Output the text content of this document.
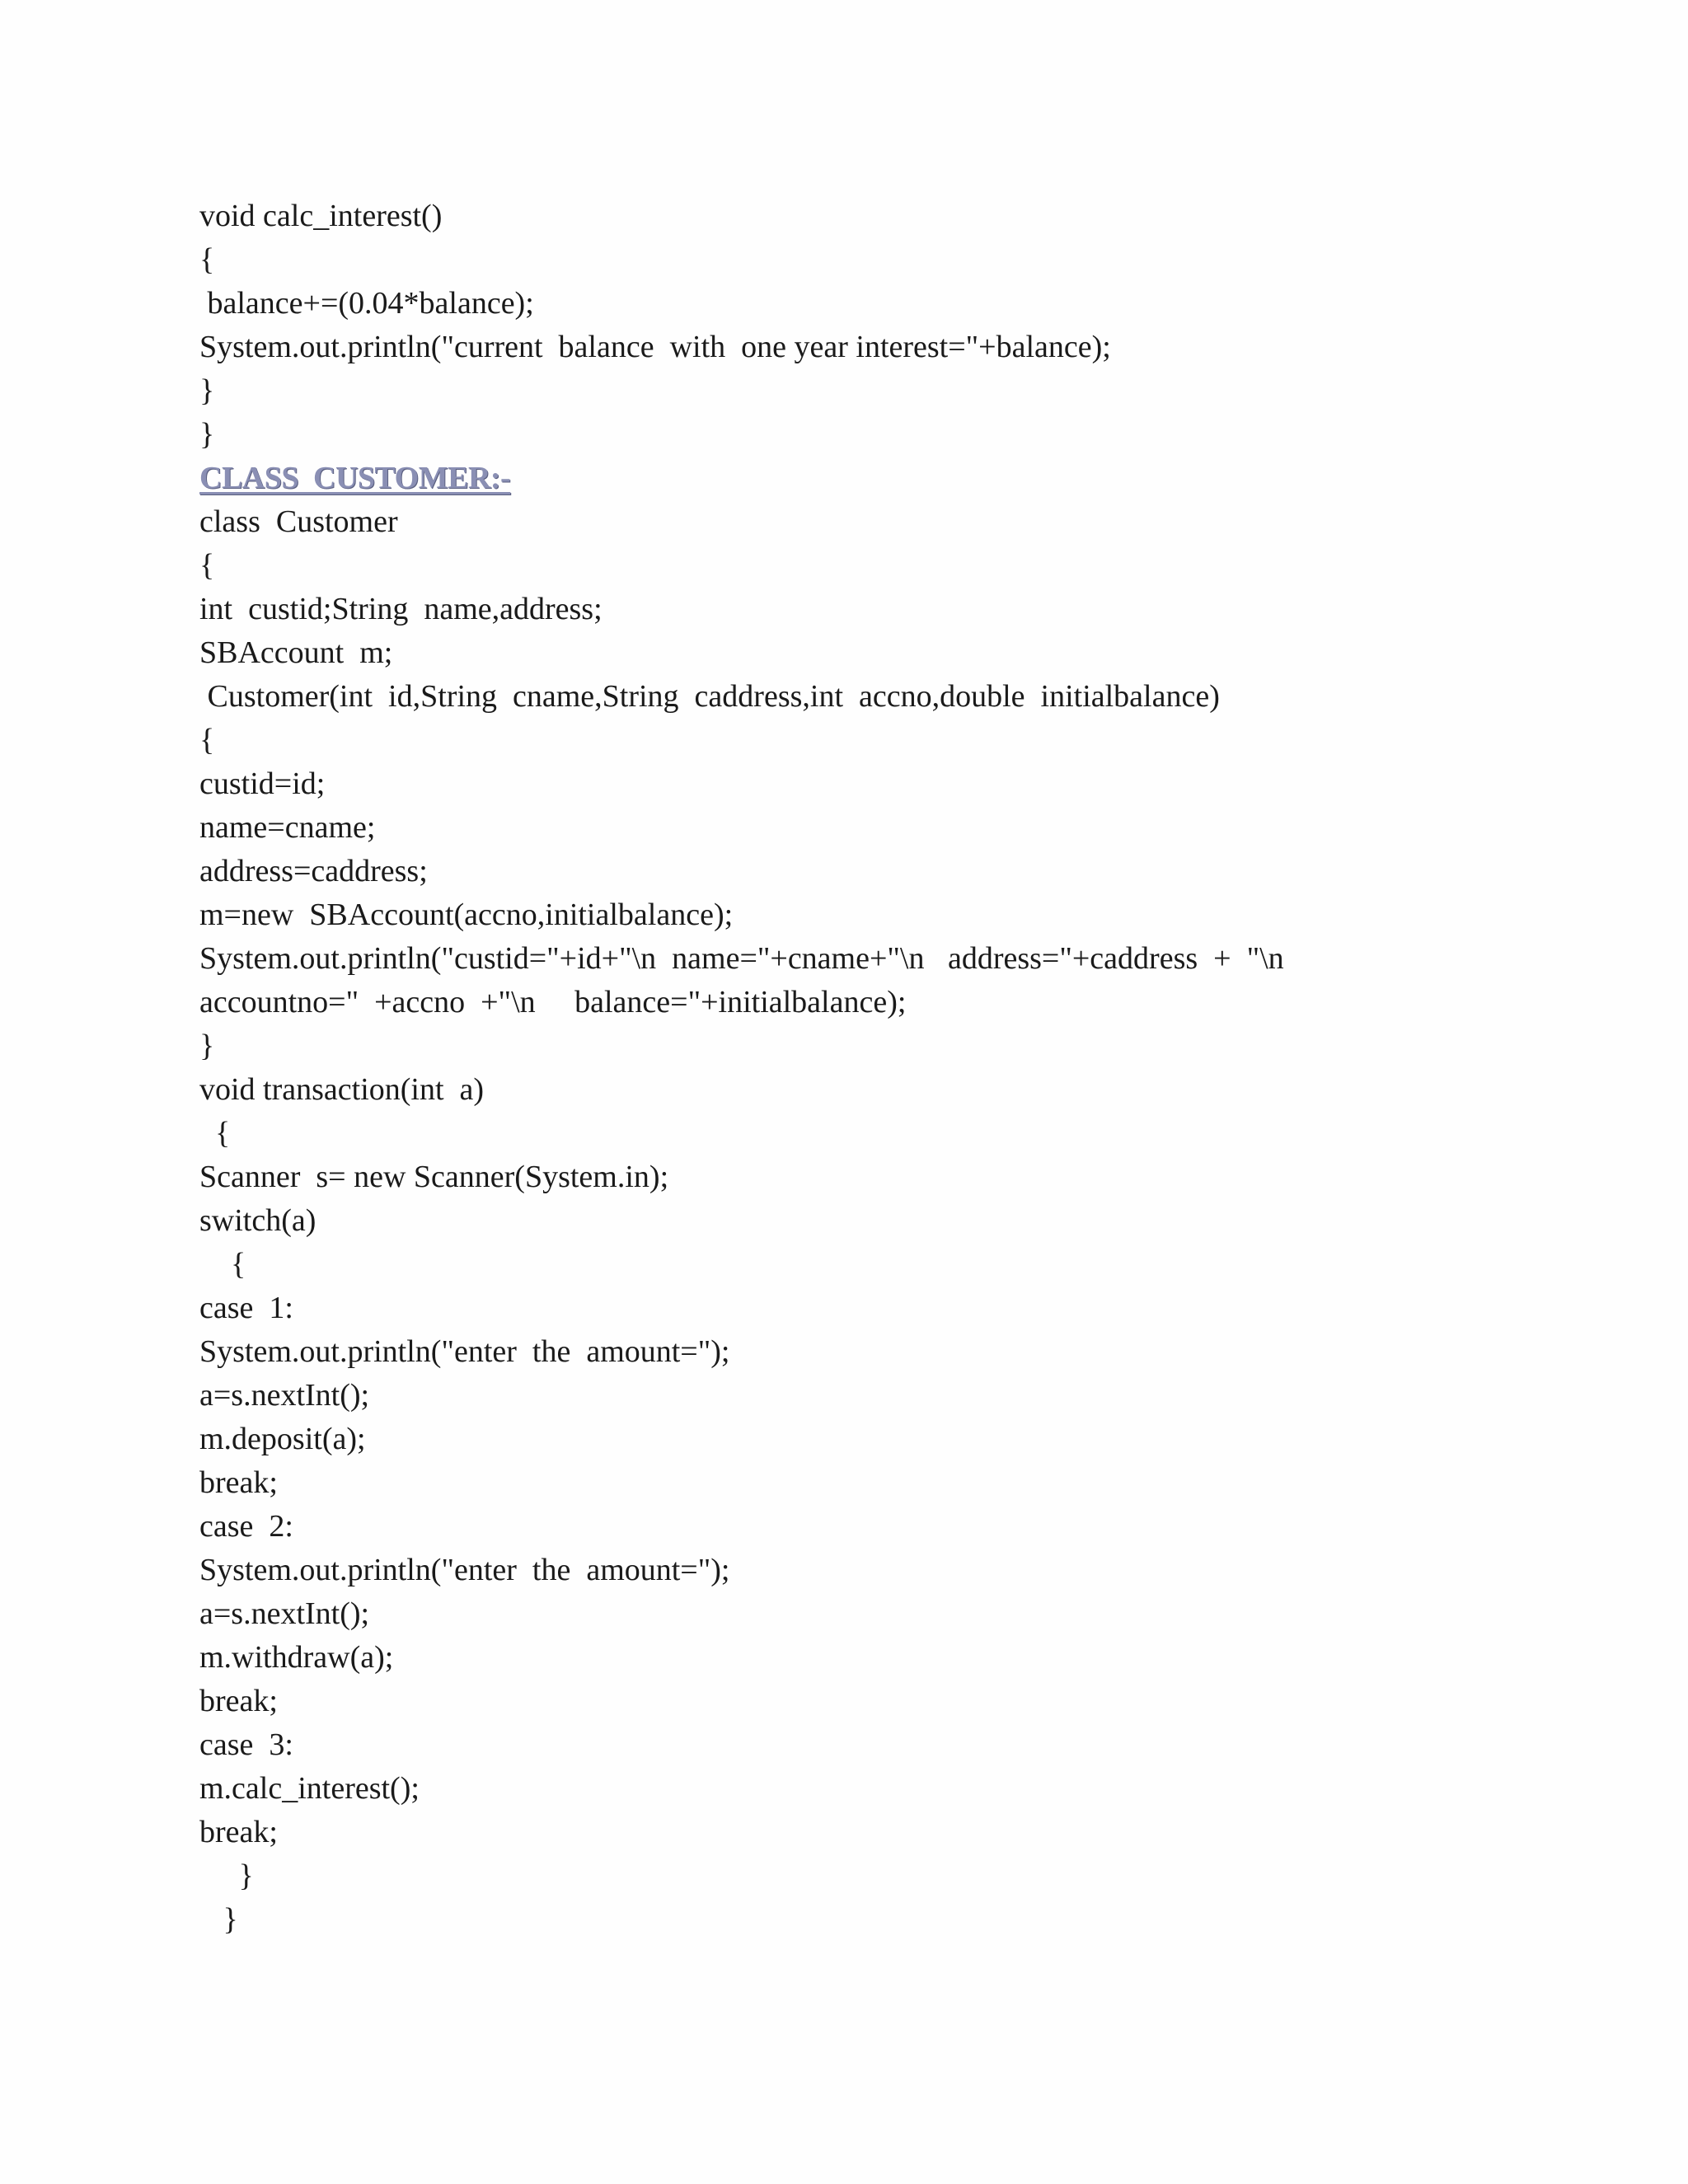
void calc_interest()
{
balance+=(0.04*balance);
System.out.println("current  balance  with  one year interest="+balance);
}
}
CLASS  CUSTOMER:-
class  Customer
{
int  custid;String  name,address;
SBAccount  m;
Customer(int  id,String  cname,String  caddress,int  accno,double  initialbalance)
{
custid=id;
name=cname;
address=caddress;
m=new  SBAccount(accno,initialbalance);
System.out.println("custid="+id+"\n  name="+cname+"\n   address="+caddress  +  "\n
accountno="  +accno  +"\n     balance="+initialbalance);
}
void transaction(int  a)
{
Scanner  s= new Scanner(System.in);
switch(a)
{
case  1:
System.out.println("enter  the  amount=");
a=s.nextInt();
m.deposit(a);
break;
case  2:
System.out.println("enter  the  amount=");
a=s.nextInt();
m.withdraw(a);
break;
case  3:
m.calc_interest();
break;
}
}
